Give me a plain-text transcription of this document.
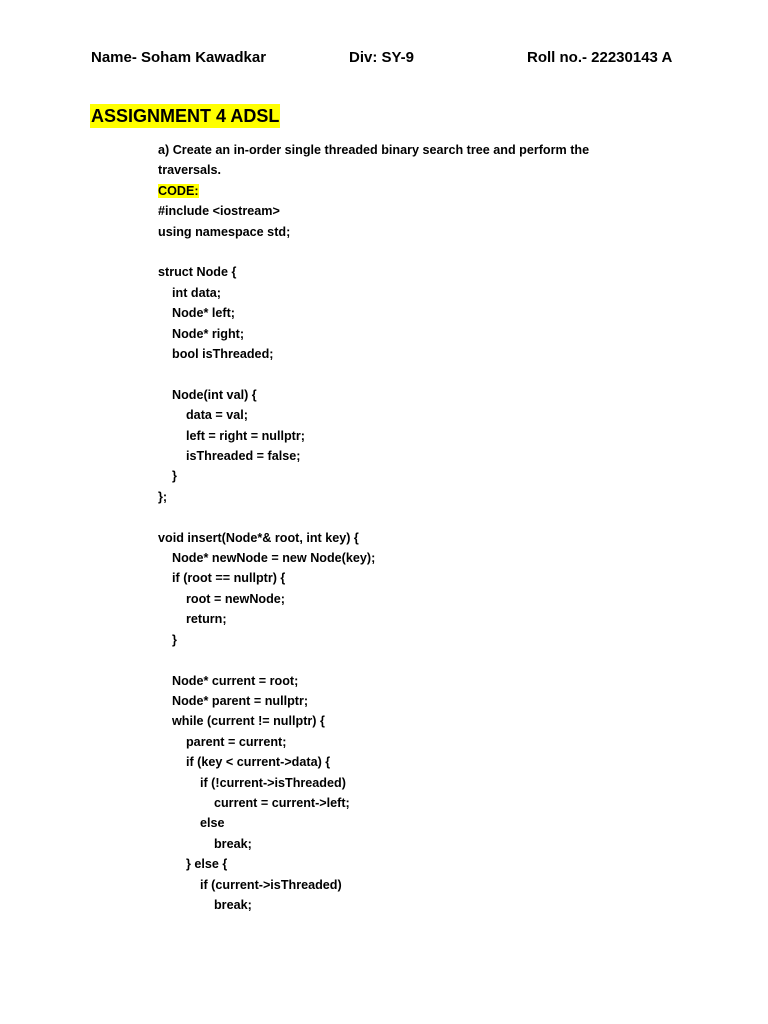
Name- Soham Kawadkar	Div: SY-9	Roll no.- 22230143 A
ASSIGNMENT 4 ADSL
a) Create an in-order single threaded binary search tree and perform the traversals.
CODE:
#include <iostream>
using namespace std;
struct Node {
int data;
Node* left;
Node* right;
bool isThreaded;
Node(int val) {
data = val;
left = right = nullptr;
isThreaded = false;
}
};
void insert(Node*& root, int key) {
Node* newNode = new Node(key);
if (root == nullptr) {
root = newNode;
return;
}
Node* current = root;
Node* parent = nullptr;
while (current != nullptr) {
parent = current;
if (key < current->data) {
if (!current->isThreaded)
current = current->left;
else
break;
} else {
if (current->isThreaded)
break;
